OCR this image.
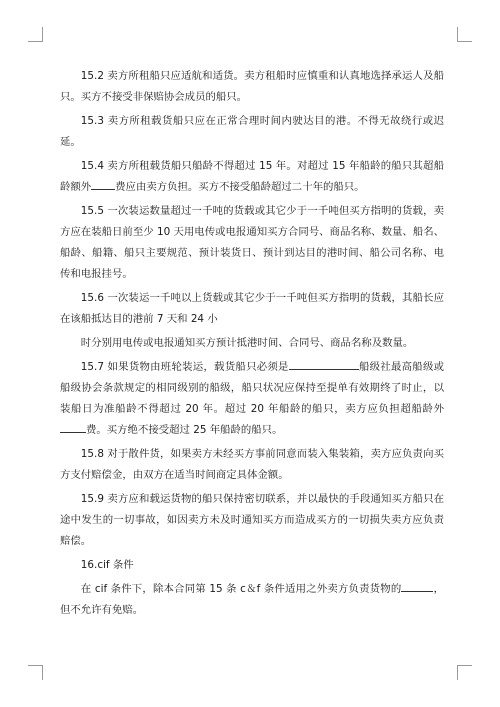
15.2 卖方所租船只应适航和适货。卖方租船时应慎重和认真地选择承运人及船只。买方不接受非保赔协会成员的船只。

15.3 卖方所租载货船只应在正常合理时间内驶达目的港。不得无故绕行或迟延。

15.4 卖方所租载货船只船龄不得超过 15 年。对超过 15 年船龄的船只其超船龄额外 费应由卖方负担。买方不接受船龄超过二十年的船只。

15.5 一次装运数量超过一千吨的货载或其它少于一千吨但买方指明的货载，卖方应在装船日前至少 10 天用电传或电报通知买方合同号、商品名称、数量、船名、船龄、船籍、船只主要规范、预计装货日、预计到达目的港时间、船公司名称、电传和电报挂号。

15.6 一次装运一千吨以上货载或其它少于一千吨但买方指明的货载，其船长应在该船抵达目的港前 7 天和 24 小

时分别用电传或电报通知买方预计抵港时间、合同号、商品名称及数量。

15.7 如果货物由班轮装运，载货船只必须是	船级社最高船级或船级协会条款规定的相同级别的船级，船只状况应保持至提单有效期终了时止，以装船日为准船龄不得超过 20 年。超过 20 年船龄的船只，卖方应负担超船龄外费。买方绝不接受超过 25 年船龄的船只。

15.8 对于散件货，如果卖方未经买方事前同意而装入集装箱，卖方应负责向买方支付赔偿金，由双方在适当时间商定具体金额。

15.9 卖方应和载运货物的船只保持密切联系，并以最快的手段通知买方船只在途中发生的一切事故，如因卖方未及时通知买方而造成买方的一切损失卖方应负责赔偿。

16.cif 条件

在 cif 条件下，除本合同第 15 条 c＆f 条件适用之外卖方负责货物的	，但不允许有免赔。
